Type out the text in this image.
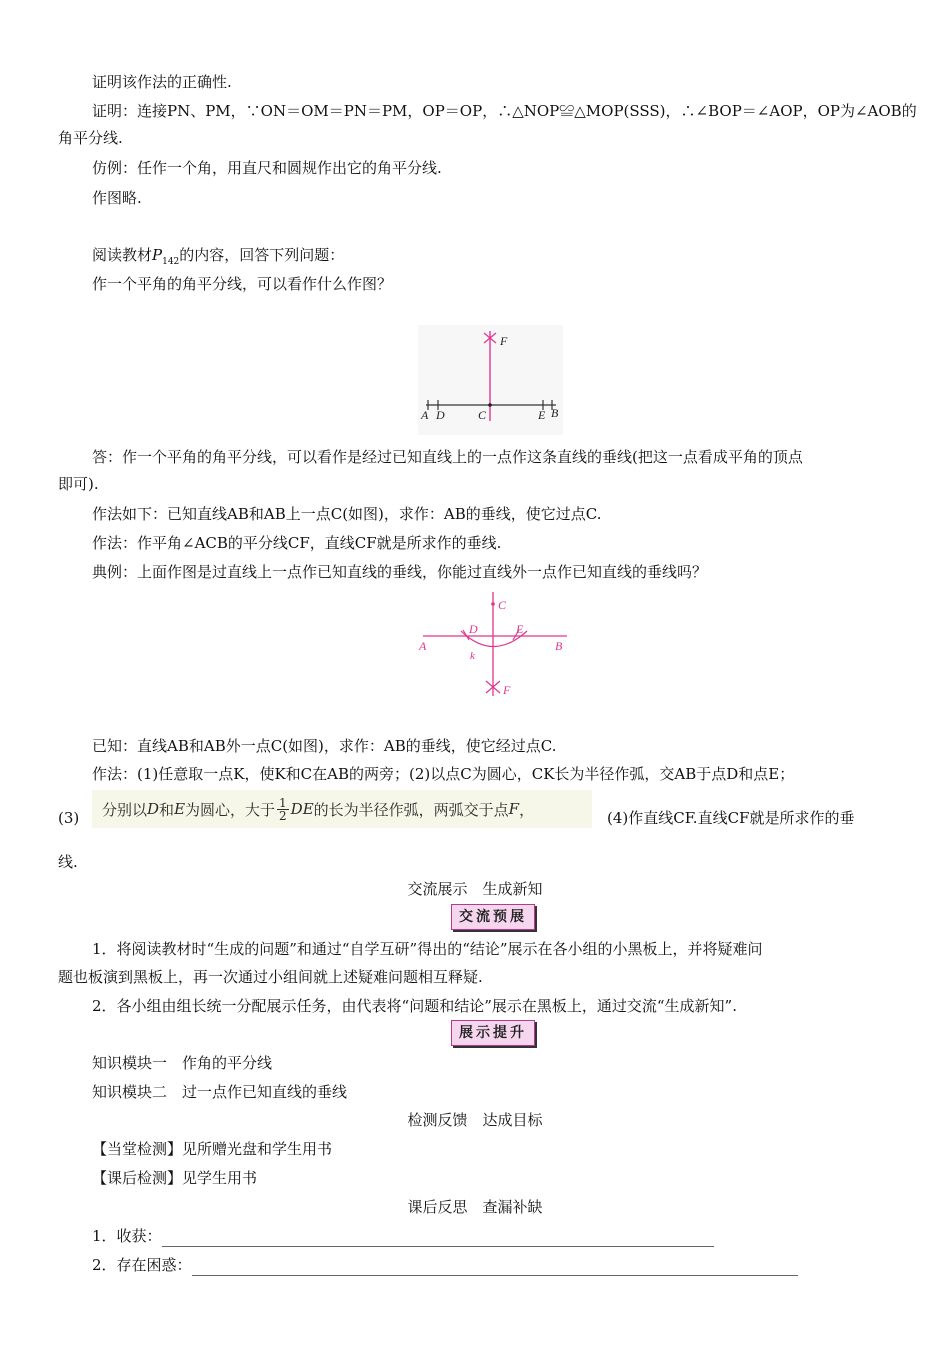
证明该作法的正确性.
证明：连接PN、PM，∵ON＝OM＝PN＝PM，OP＝OP，∴△NOP≌△MOP(SSS)，∴∠BOP＝∠AOP，OP为∠AOB的
角平分线.
仿例：任作一个角，用直尺和圆规作出它的角平分线.
作图略.
阅读教材$P_{142}$的内容，回答下列问题：
作一个平角的角平分线，可以看作什么作图？
F
A D	C	E B
答：作一个平角的角平分线，可以看作是经过已知直线上的一点作这条直线的垂线(把这一点看成平角的顶点
即可).
作法如下：已知直线AB和AB上一点C(如图)，求作：AB的垂线，使它过点C.
作法：作平角∠ACB的平分线CF，直线CF就是所求作的垂线.
典例：上面作图是过直线上一点作已知直线的垂线，你能过直线外一点作已知直线的垂线吗？
C
D	E
A	B
k
F
已知：直线AB和AB外一点C(如图)，求作：AB的垂线，使它经过点C.
作法：(1)任意取一点K，使K和C在AB的两旁；(2)以点C为圆心，CK长为半径作弧，交AB于点D和点E；
(3)	分别以 D 和 E 为圆心，大于 $\frac{1}{2}$ DE 的长为半径作弧，两弧交于点 F ，	(4)作直线CF.直线CF就是所求作的垂
线.
交流展示　生成新知
交流预展
1．将阅读教材时“生成的问题”和通过“自学互研”得出的“结论”展示在各小组的小黑板上，并将疑难问
题也板演到黑板上，再一次通过小组间就上述疑难问题相互释疑.
2．各小组由组长统一分配展示任务，由代表将“问题和结论”展示在黑板上，通过交流“生成新知”.
展示提升
知识模块一　作角的平分线
知识模块二　过一点作已知直线的垂线
检测反馈　达成目标
【当堂检测】见所赠光盘和学生用书
【课后检测】见学生用书
课后反思　查漏补缺
1．收获：
2．存在困惑：
